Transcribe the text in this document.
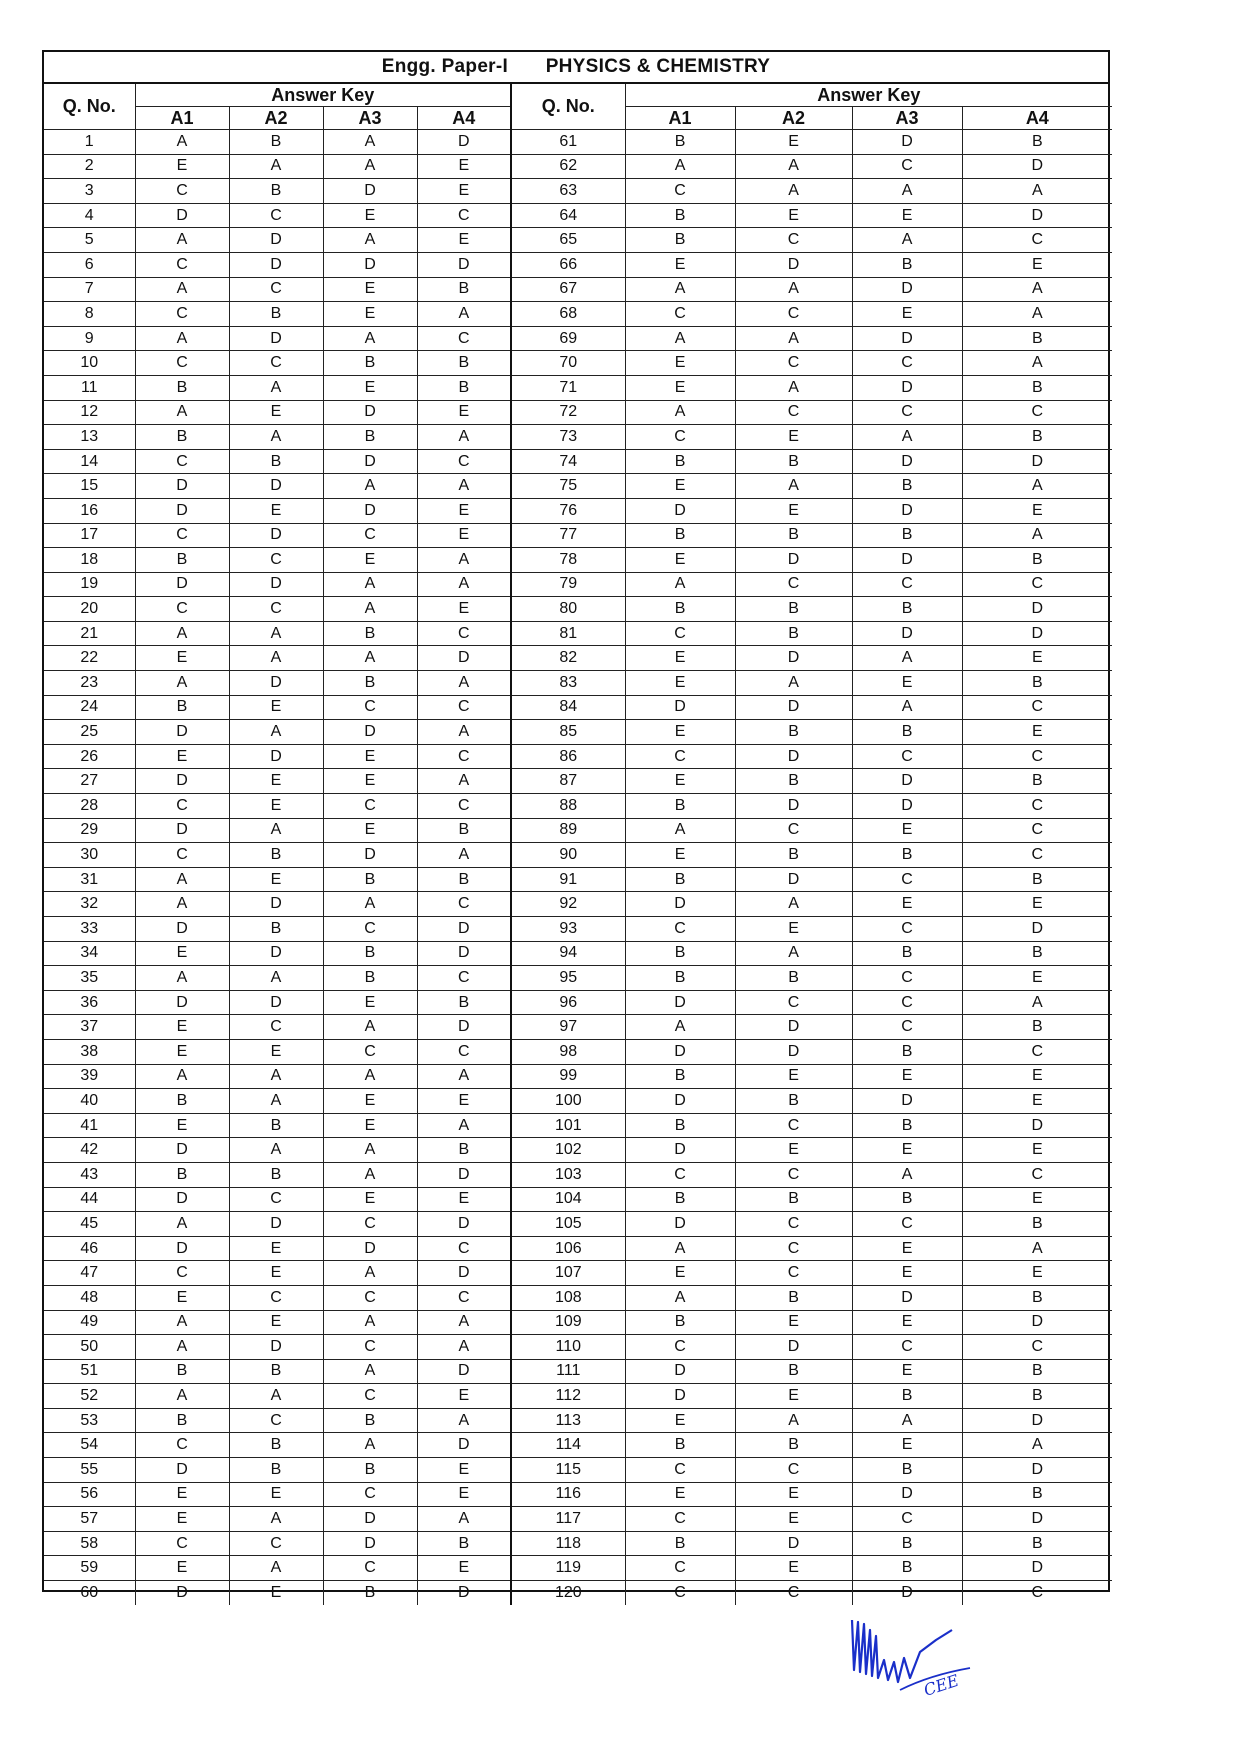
Engg. Paper-I PHYSICS & CHEMISTRY
Q. No.	Answer Key				Q. No.	Answer Key			
	A1	A2	A3	A4		A1	A2	A3	A4
1	A	B	A	D	61	B	E	D	B
2	E	A	A	E	62	A	A	C	D
3	C	B	D	E	63	C	A	A	A
4	D	C	E	C	64	B	E	E	D
5	A	D	A	E	65	B	C	A	C
6	C	D	D	D	66	E	D	B	E
7	A	C	E	B	67	A	A	D	A
8	C	B	E	A	68	C	C	E	A
9	A	D	A	C	69	A	A	D	B
10	C	C	B	B	70	E	C	C	A
11	B	A	E	B	71	E	A	D	B
12	A	E	D	E	72	A	C	C	C
13	B	A	B	A	73	C	E	A	B
14	C	B	D	C	74	B	B	D	D
15	D	D	A	A	75	E	A	B	A
16	D	E	D	E	76	D	E	D	E
17	C	D	C	E	77	B	B	B	A
18	B	C	E	A	78	E	D	D	B
19	D	D	A	A	79	A	C	C	C
20	C	C	A	E	80	B	B	B	D
21	A	A	B	C	81	C	B	D	D
22	E	A	A	D	82	E	D	A	E
23	A	D	B	A	83	E	A	E	B
24	B	E	C	C	84	D	D	A	C
25	D	A	D	A	85	E	B	B	E
26	E	D	E	C	86	C	D	C	C
27	D	E	E	A	87	E	B	D	B
28	C	E	C	C	88	B	D	D	C
29	D	A	E	B	89	A	C	E	C
30	C	B	D	A	90	E	B	B	C
31	A	E	B	B	91	B	D	C	B
32	A	D	A	C	92	D	A	E	E
33	D	B	C	D	93	C	E	C	D
34	E	D	B	D	94	B	A	B	B
35	A	A	B	C	95	B	B	C	E
36	D	D	E	B	96	D	C	C	A
37	E	C	A	D	97	A	D	C	B
38	E	E	C	C	98	D	D	B	C
39	A	A	A	A	99	B	E	E	E
40	B	A	E	E	100	D	B	D	E
41	E	B	E	A	101	B	C	B	D
42	D	A	A	B	102	D	E	E	E
43	B	B	A	D	103	C	C	A	C
44	D	C	E	E	104	B	B	B	E
45	A	D	C	D	105	D	C	C	B
46	D	E	D	C	106	A	C	E	A
47	C	E	A	D	107	E	C	E	E
48	E	C	C	C	108	A	B	D	B
49	A	E	A	A	109	B	E	E	D
50	A	D	C	A	110	C	D	C	C
51	B	B	A	D	111	D	B	E	B
52	A	A	C	E	112	D	E	B	B
53	B	C	B	A	113	E	A	A	D
54	C	B	A	D	114	B	B	E	A
55	D	B	B	E	115	C	C	B	D
56	E	E	C	E	116	E	E	D	B
57	E	A	D	A	117	C	E	C	D
58	C	C	D	B	118	B	D	B	B
59	E	A	C	E	119	C	E	B	D
60	D	E	B	D	120	C	C	D	C
CEE
